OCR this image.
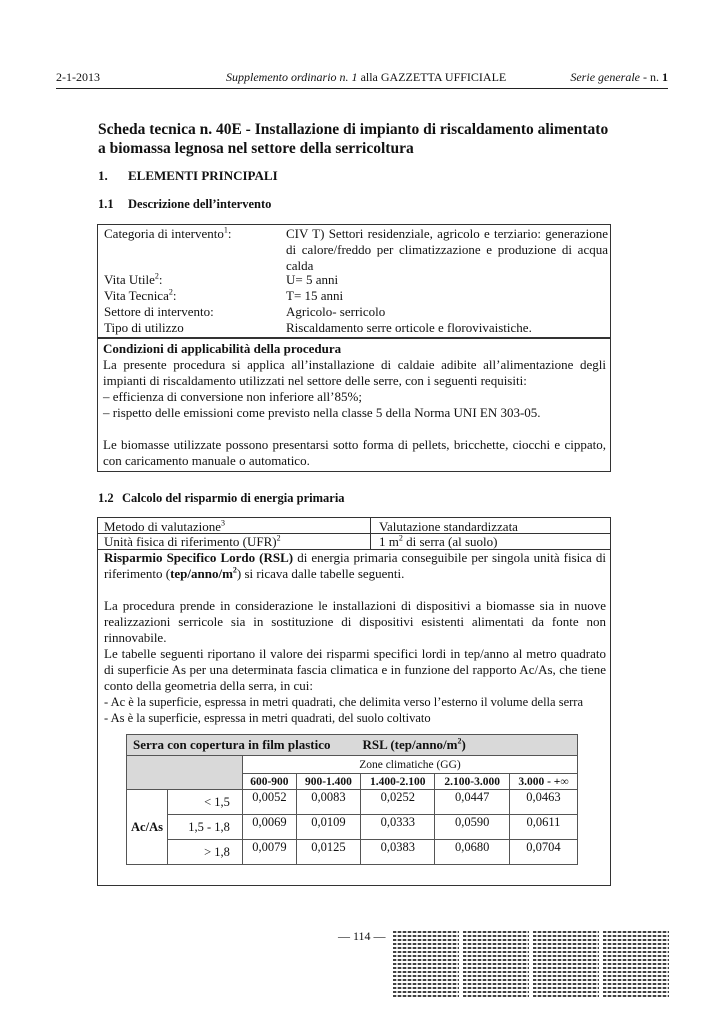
2-1-2013	Supplemento ordinario n. 1 alla GAZZETTA UFFICIALE	Serie generale - n. 1
Scheda tecnica n. 40E - Installazione di impianto di riscaldamento alimentato a biomassa legnosa nel settore della serricoltura
1. ELEMENTI PRINCIPALI
1.1 Descrizione dell’intervento
Categoria di intervento$^1$:	CIV T) Settori residenziale, agricolo e terziario: generazione di calore/freddo per climatizzazione e produzione di acqua calda
Vita Utile$^2$:	U= 5 anni
Vita Tecnica$^2$:	T= 15 anni
Settore di intervento:	Agricolo- serricolo
Tipo di utilizzo	Riscaldamento serre orticole e florovivaistiche.

Condizioni di applicabilità della procedura

La presente procedura si applica all’installazione di caldaie adibite all’alimentazione degli impianti di riscaldamento utilizzati nel settore delle serre, con i seguenti requisiti:

– efficienza di conversione non inferiore all’85%;

– rispetto delle emissioni come previsto nella classe 5 della Norma UNI EN 303-05.

Le biomasse utilizzate possono presentarsi sotto forma di pellets, bricchette, ciocchi e cippato, con caricamento manuale o automatico.

1.2 Calcolo del risparmio di energia primaria
Metodo di valutazione$^3$	Valutazione standardizzata
Unità fisica di riferimento (UFR)$^2$	1 $m^2$ di serra (al suolo)

Risparmio Specifico Lordo (RSL) di energia primaria conseguibile per singola unità fisica di riferimento $(tep/anno/m^2)$ si ricava dalle tabelle seguenti.

La procedura prende in considerazione le installazioni di dispositivi a biomasse sia in nuove realizzazioni serricole sia in sostituzione di dispositivi esistenti alimentati da fonte non rinnovabile.

Le tabelle seguenti riportano il valore dei risparmi specifici lordi in tep/anno al metro quadrato di superficie As per una determinata fascia climatica e in funzione del rapporto Ac/As, che tiene conto della geometria della serra, in cui:

- Ac è la superficie, espressa in metri quadrati, che delimita verso l’esterno il volume della serra

- As è la superficie, espressa in metri quadrati, del suolo coltivato

Serra con copertura in film plastico RSL $(tep/anno/m^2)$						
		Zone climatiche (GG)				
		600-900	900-1.400	1.400-2.100	2.100-3.000	3.000 - +∞
Ac/As	< 1,5	0,0052	0,0083	0,0252	0,0447	0,0463
	1,5 - 1,8	0,0069	0,0109	0,0333	0,0590	0,0611
	> 1,8	0,0079	0,0125	0,0383	0,0680	0,0704
— 114 —
